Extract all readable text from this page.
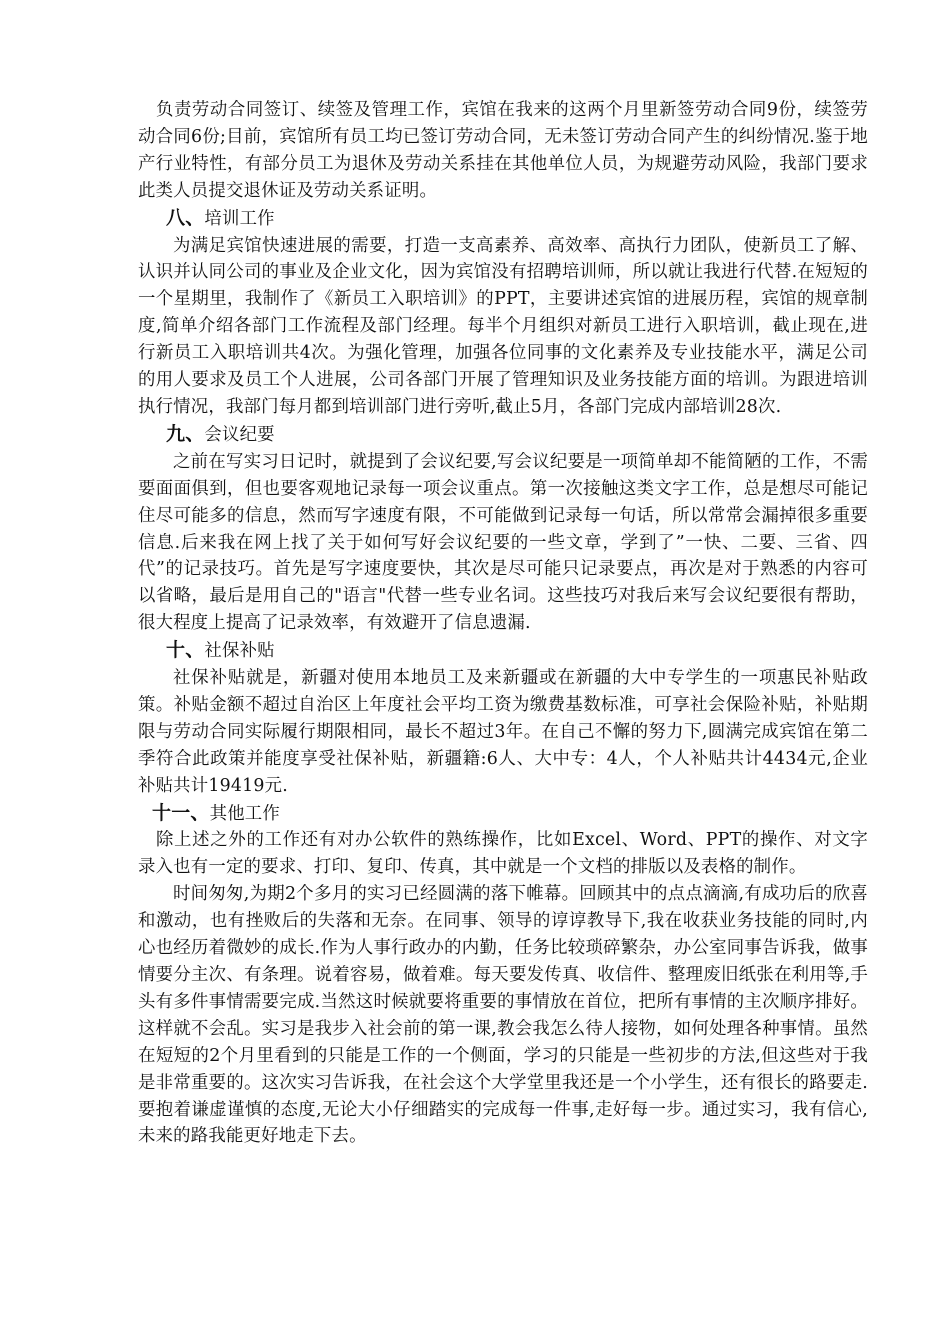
负责劳动合同签订、续签及管理工作，宾馆在我来的这两个月里新签劳动合同9份，续签劳动合同6份;目前，宾馆所有员工均已签订劳动合同，无未签订劳动合同产生的纠纷情况.鉴于地产行业特性，有部分员工为退休及劳动关系挂在其他单位人员，为规避劳动风险，我部门要求此类人员提交退休证及劳动关系证明。

八、培训工作

为满足宾馆快速进展的需要，打造一支高素养、高效率、高执行力团队，使新员工了解、认识并认同公司的事业及企业文化，因为宾馆没有招聘培训师，所以就让我进行代替.在短短的一个星期里，我制作了《新员工入职培训》的PPT，主要讲述宾馆的进展历程，宾馆的规章制度,简单介绍各部门工作流程及部门经理。每半个月组织对新员工进行入职培训，截止现在,进行新员工入职培训共4次。为强化管理，加强各位同事的文化素养及专业技能水平，满足公司的用人要求及员工个人进展，公司各部门开展了管理知识及业务技能方面的培训。为跟进培训执行情况，我部门每月都到培训部门进行旁听,截止5月，各部门完成内部培训28次.

九、会议纪要

之前在写实习日记时，就提到了会议纪要,写会议纪要是一项简单却不能简陋的工作，不需要面面俱到，但也要客观地记录每一项会议重点。第一次接触这类文字工作，总是想尽可能记住尽可能多的信息，然而写字速度有限，不可能做到记录每一句话，所以常常会漏掉很多重要信息.后来我在网上找了关于如何写好会议纪要的一些文章，学到了”一快、二要、三省、四代”的记录技巧。首先是写字速度要快，其次是尽可能只记录要点，再次是对于熟悉的内容可以省略，最后是用自己的"语言"代替一些专业名词。这些技巧对我后来写会议纪要很有帮助，很大程度上提高了记录效率，有效避开了信息遗漏.

十、社保补贴

社保补贴就是，新疆对使用本地员工及来新疆或在新疆的大中专学生的一项惠民补贴政策。补贴金额不超过自治区上年度社会平均工资为缴费基数标准，可享社会保险补贴，补贴期限与劳动合同实际履行期限相同，最长不超过3年。在自己不懈的努力下,圆满完成宾馆在第二季符合此政策并能度享受社保补贴，新疆籍:6人、大中专：4人，个人补贴共计4434元,企业补贴共计19419元.

十一、其他工作

除上述之外的工作还有对办公软件的熟练操作，比如Excel、Word、PPT的操作、对文字录入也有一定的要求、打印、复印、传真，其中就是一个文档的排版以及表格的制作。

时间匆匆,为期2个多月的实习已经圆满的落下帷幕。回顾其中的点点滴滴,有成功后的欣喜和激动，也有挫败后的失落和无奈。在同事、领导的谆谆教导下,我在收获业务技能的同时,内心也经历着微妙的成长.作为人事行政办的内勤，任务比较琐碎繁杂，办公室同事告诉我，做事情要分主次、有条理。说着容易，做着难。每天要发传真、收信件、整理废旧纸张在利用等,手头有多件事情需要完成.当然这时候就要将重要的事情放在首位，把所有事情的主次顺序排好。这样就不会乱。实习是我步入社会前的第一课,教会我怎么待人接物，如何处理各种事情。虽然在短短的2个月里看到的只能是工作的一个侧面，学习的只能是一些初步的方法,但这些对于我是非常重要的。这次实习告诉我，在社会这个大学堂里我还是一个小学生，还有很长的路要走.要抱着谦虚谨慎的态度,无论大小仔细踏实的完成每一件事,走好每一步。通过实习，我有信心,未来的路我能更好地走下去。
